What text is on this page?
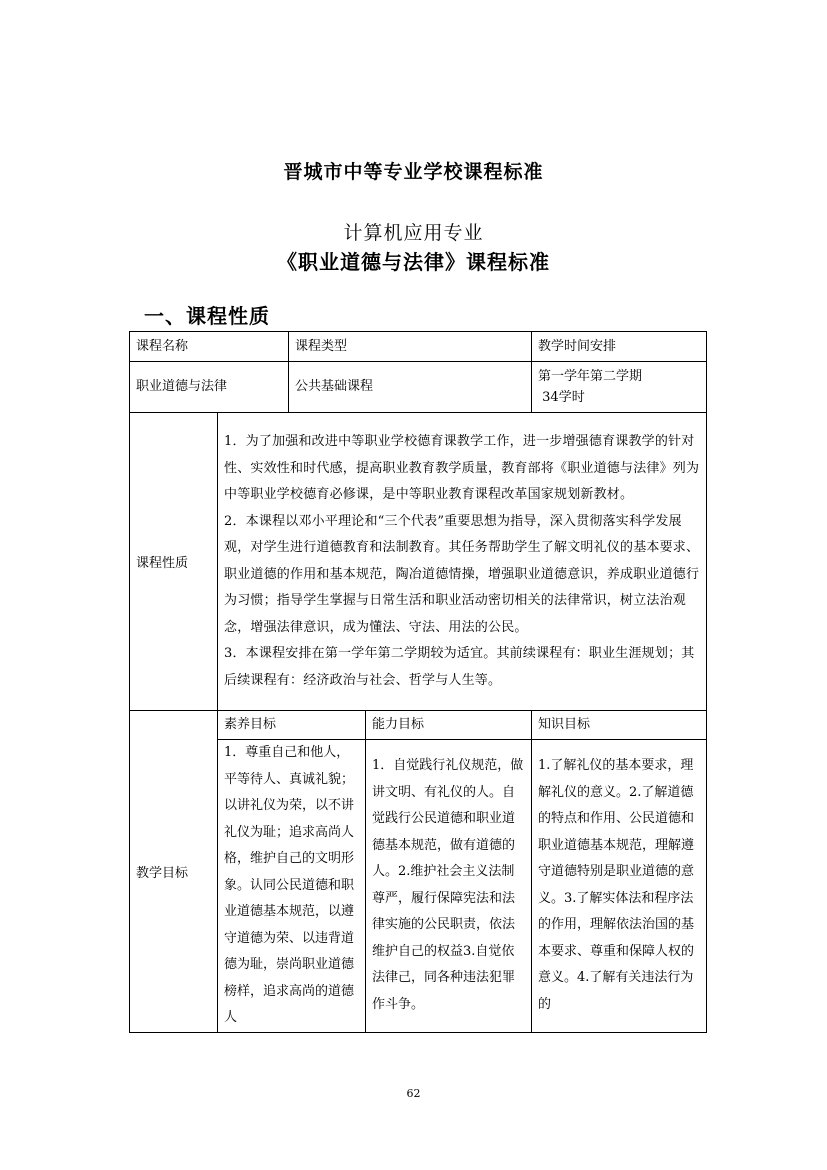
晋城市中等专业学校课程标准
计算机应用专业
《职业道德与法律》课程标准
一、课程性质
课程名称		课程类型		教学时间安排
职业道德与法律		公共基础课程		第一学年第二学期
34学时

课程性质	1．为了加强和改进中等职业学校德育课教学工作，进一步增强德育课教学的针对性、实效性和时代感，提高职业教育教学质量，教育部将《职业道德与法律》列为中等职业学校德育必修课，是中等职业教育课程改革国家规划新教材。
2．本课程以邓小平理论和“三个代表”重要思想为指导，深入贯彻落实科学发展观，对学生进行道德教育和法制教育。其任务帮助学生了解文明礼仪的基本要求、职业道德的作用和基本规范，陶冶道德情操，增强职业道德意识，养成职业道德行为习惯；指导学生掌握与日常生活和职业活动密切相关的法律常识，树立法治观念，增强法律意识，成为懂法、守法、用法的公民。
3．本课程安排在第一学年第二学期较为适宜。其前续课程有：职业生涯规划；其后续课程有：经济政治与社会、哲学与人生等。			

教学目标	素养目标		能力目标	知识目标
	1．尊重自己和他人，平等待人、真诚礼貌；以讲礼仪为荣，以不讲礼仪为耻；追求高尚人格，维护自己的文明形象。认同公民道德和职业道德基本规范，以遵守道德为荣、以违背道德为耻，崇尚职业道德榜样，追求高尚的道德人		1．自觉践行礼仪规范，做讲文明、有礼仪的人。自觉践行公民道德和职业道德基本规范，做有道德的人。2.维护社会主义法制尊严，履行保障宪法和法律实施的公民职责，依法维护自己的权益3.自觉依法律己，同各种违法犯罪作斗争。	1.了解礼仪的基本要求，理解礼仪的意义。2.了解道德的特点和作用、公民道德和职业道德基本规范，理解遵守道德特别是职业道德的意义。3.了解实体法和程序法的作用，理解依法治国的基本要求、尊重和保障人权的意义。4.了解有关违法行为的
62
